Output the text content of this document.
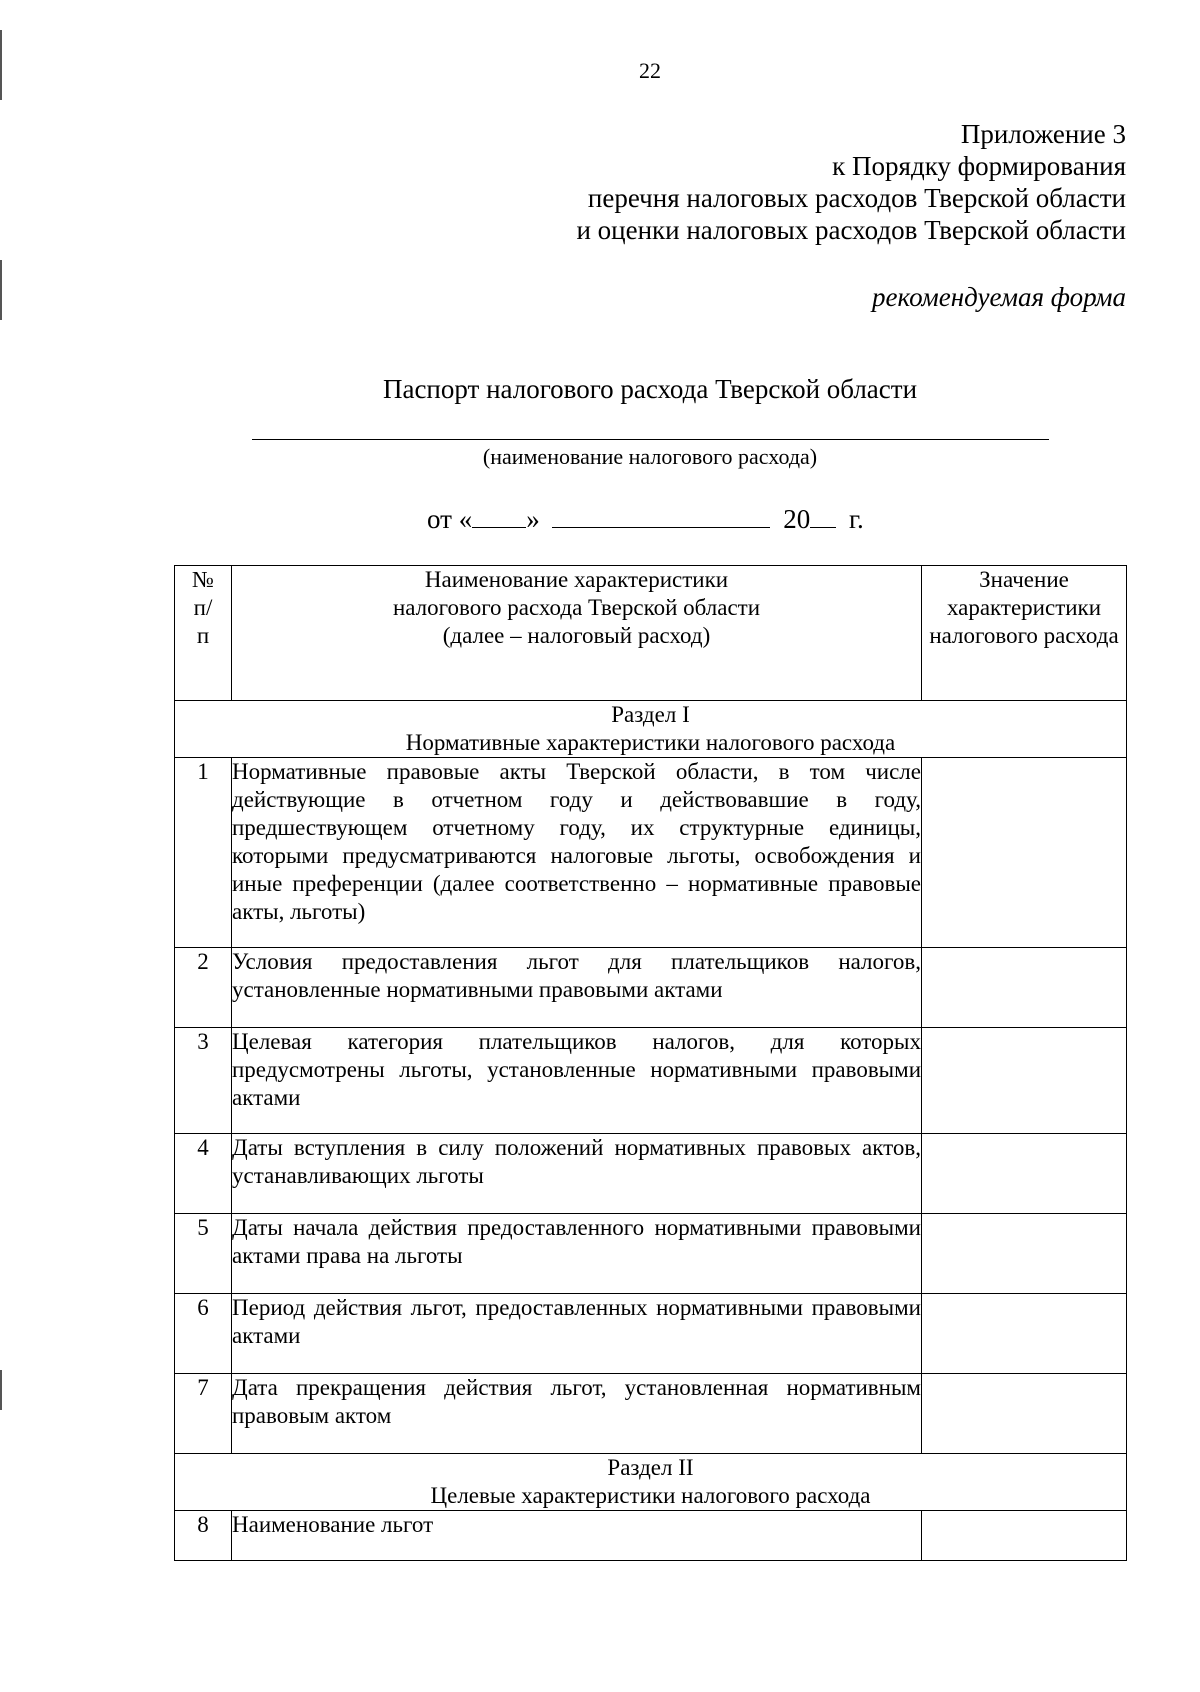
22
Приложение 3
к Порядку формирования
перечня налоговых расходов Тверской области
и оценки налоговых расходов Тверской области
рекомендуемая форма
Паспорт налогового расхода Тверской области
(наименование налогового расхода)
от « »	20 г.
№ п/п	Наименование характеристики
налогового расхода Тверской области
(далее – налоговый расход)	Значение характеристики налогового расхода

Раздел I
Нормативные характеристики налогового расхода		

1	Нормативные правовые акты Тверской области, в том числе действующие в отчетном году и действовавшие в году, предшествующем отчетному году, их структурные единицы, которыми предусматриваются налоговые льготы, освобождения и иные преференции (далее соответственно – нормативные правовые акты, льготы)	
2	Условия предоставления льгот для плательщиков налогов, установленные нормативными правовыми актами	
3	Целевая категория плательщиков налогов, для которых предусмотрены льготы, установленные нормативными правовыми актами	
4	Даты вступления в силу положений нормативных правовых актов, устанавливающих льготы	
5	Даты начала действия предоставленного нормативными правовыми актами права на льготы	
6	Период действия льгот, предоставленных нормативными правовыми актами	
7	Дата прекращения действия льгот, установленная нормативным правовым актом	

Раздел II
Целевые характеристики налогового расхода		

8	Наименование льгот	
